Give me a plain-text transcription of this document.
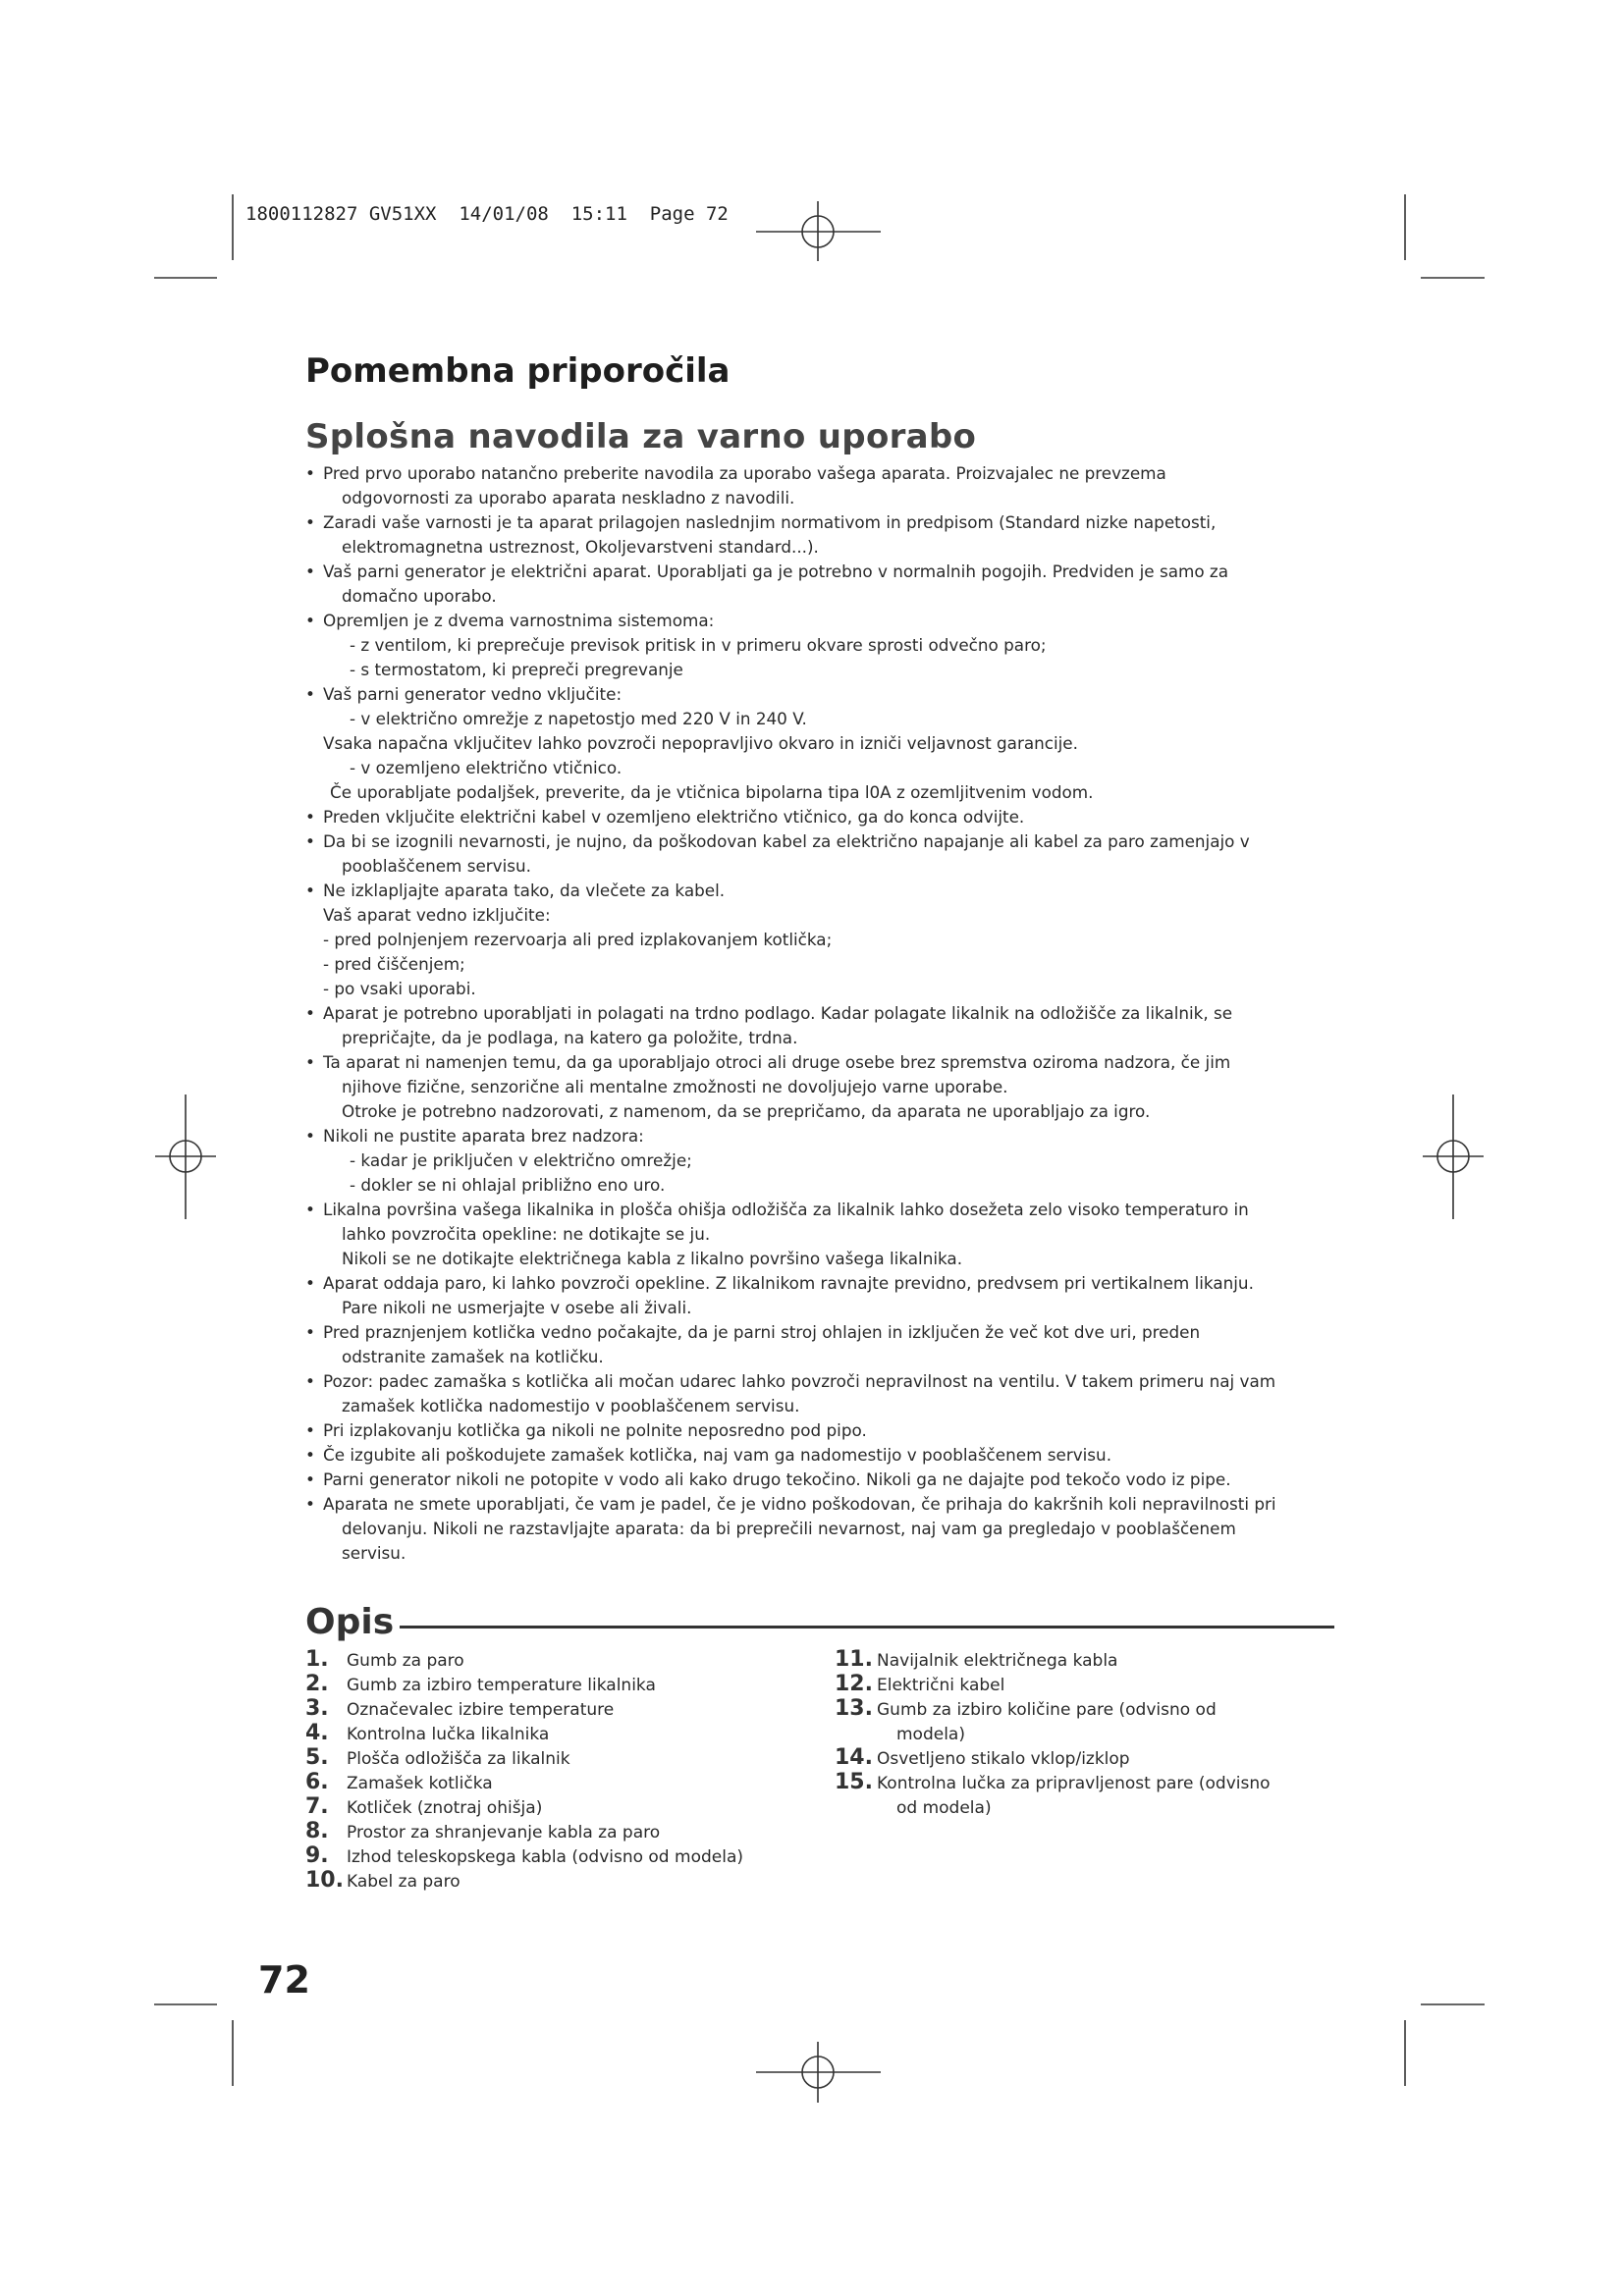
1800112827 GV51XX  14/01/08  15:11  Page 72

Pomembna priporočila
Splošna navodila za varno uporabo
• Pred prvo uporabo natančno preberite navodila za uporabo vašega aparata. Proizvajalec ne prevzema
odgovornosti za uporabo aparata neskladno z navodili.
• Zaradi vaše varnosti je ta aparat prilagojen naslednjim normativom in predpisom (Standard nizke napetosti,
elektromagnetna ustreznost, Okoljevarstveni standard...).
• Vaš parni generator je električni aparat. Uporabljati ga je potrebno v normalnih pogojih. Predviden je samo za
domačno uporabo.
• Opremljen je z dvema varnostnima sistemoma:
- z ventilom, ki preprečuje previsok pritisk in v primeru okvare sprosti odvečno paro;
- s termostatom, ki prepreči pregrevanje
• Vaš parni generator vedno vključite:
- v električno omrežje z napetostjo med 220 V in 240 V.
Vsaka napačna vključitev lahko povzroči nepopravljivo okvaro in izniči veljavnost garancije.
- v ozemljeno električno vtičnico.
Če uporabljate podaljšek, preverite, da je vtičnica bipolarna tipa l0A z ozemljitvenim vodom.
• Preden vključite električni kabel v ozemljeno električno vtičnico, ga do konca odvijte.
• Da bi se izognili nevarnosti, je nujno, da poškodovan kabel za električno napajanje ali kabel za paro zamenjajo v
pooblaščenem servisu.
• Ne izklapljajte aparata tako, da vlečete za kabel.
Vaš aparat vedno izključite:
- pred polnjenjem rezervoarja ali pred izplakovanjem kotlička;
- pred čiščenjem;
- po vsaki uporabi.
• Aparat je potrebno uporabljati in polagati na trdno podlago. Kadar polagate likalnik na odložišče za likalnik, se
prepričajte, da je podlaga, na katero ga položite, trdna.
• Ta aparat ni namenjen temu, da ga uporabljajo otroci ali druge osebe brez spremstva oziroma nadzora, če jim
njihove fizične, senzorične ali mentalne zmožnosti ne dovoljujejo varne uporabe.
Otroke je potrebno nadzorovati, z namenom, da se prepričamo, da aparata ne uporabljajo za igro.
• Nikoli ne pustite aparata brez nadzora:
- kadar je priključen v električno omrežje;
- dokler se ni ohlajal približno eno uro.
• Likalna površina vašega likalnika in plošča ohišja odložišča za likalnik lahko dosežeta zelo visoko temperaturo in
lahko povzročita opekline: ne dotikajte se ju.
Nikoli se ne dotikajte električnega kabla z likalno površino vašega likalnika.
• Aparat oddaja paro, ki lahko povzroči opekline. Z likalnikom ravnajte previdno, predvsem pri vertikalnem likanju.
Pare nikoli ne usmerjajte v osebe ali živali.
• Pred praznjenjem kotlička vedno počakajte, da je parni stroj ohlajen in izključen že več kot dve uri, preden
odstranite zamašek na kotličku.
• Pozor: padec zamaška s kotlička ali močan udarec lahko povzroči nepravilnost na ventilu. V takem primeru naj vam
zamašek kotlička nadomestijo v pooblaščenem servisu.
• Pri izplakovanju kotlička ga nikoli ne polnite neposredno pod pipo.
• Če izgubite ali poškodujete zamašek kotlička, naj vam ga nadomestijo v pooblaščenem servisu.
• Parni generator nikoli ne potopite v vodo ali kako drugo tekočino. Nikoli ga ne dajajte pod tekočo vodo iz pipe.
• Aparata ne smete uporabljati, če vam je padel, če je vidno poškodovan, če prihaja do kakršnih koli nepravilnosti pri
delovanju. Nikoli ne razstavljajte aparata: da bi preprečili nevarnost, naj vam ga pregledajo v pooblaščenem
servisu.
Opis
1. Gumb za paro
2. Gumb za izbiro temperature likalnika
3. Označevalec izbire temperature
4. Kontrolna lučka likalnika
5. Plošča odložišča za likalnik
6. Zamašek kotlička
7. Kotliček (znotraj ohišja)
8. Prostor za shranjevanje kabla za paro
9. Izhod teleskopskega kabla (odvisno od modela)
10. Kabel za paro
11. Navijalnik električnega kabla
12. Električni kabel
13. Gumb za izbiro količine pare (odvisno od
modela)
14. Osvetljeno stikalo vklop/izklop
15. Kontrolna lučka za pripravljenost pare (odvisno
od modela)

72
